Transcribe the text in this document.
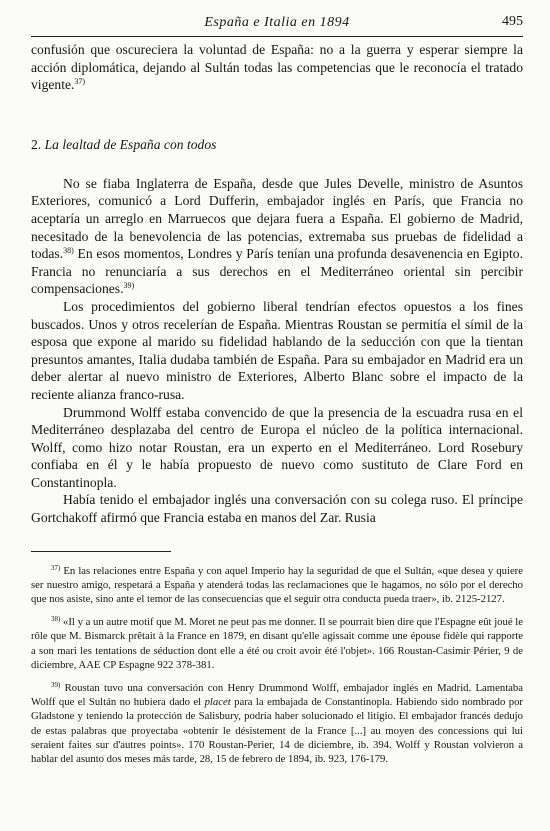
España e Italia en 1894	495

confusión que oscureciera la voluntad de España: no a la guerra y esperar siempre la acción diplomática, dejando al Sultán todas las competencias que le reconocía el tratado vigente.$^{37)}$

2. La lealtad de España con todos

No se fiaba Inglaterra de España, desde que Jules Develle, ministro de Asuntos Exteriores, comunicó a Lord Dufferin, embajador inglés en París, que Francia no aceptaría un arreglo en Marruecos que dejara fuera a España. El gobierno de Madrid, necesitado de la benevolencia de las potencias, extremaba sus pruebas de fidelidad a todas.$^{38)}$ En esos momentos, Londres y París tenían una profunda desavenencia en Egipto. Francia no renunciaría a sus derechos en el Mediterráneo oriental sin percibir compensaciones.$^{39)}$

Los procedimientos del gobierno liberal tendrían efectos opuestos a los fines buscados. Unos y otros recelerían de España. Mientras Roustan se permitía el símil de la esposa que expone al marido su fidelidad hablando de la seducción con que la tientan presuntos amantes, Italia dudaba también de España. Para su embajador en Madrid era un deber alertar al nuevo ministro de Exteriores, Alberto Blanc sobre el impacto de la reciente alianza franco-rusa.

Drummond Wolff estaba convencido de que la presencia de la escuadra rusa en el Mediterráneo desplazaba del centro de Europa el núcleo de la política internacional. Wolff, como hizo notar Roustan, era un experto en el Mediterráneo. Lord Rosebury confiaba en él y le había propuesto de nuevo como sustituto de Clare Ford en Constantinopla.

Había tenido el embajador inglés una conversación con su colega ruso. El príncipe Gortchakoff afirmó que Francia estaba en manos del Zar. Rusia

$^{37)}$ En las relaciones entre España y con aquel Imperio hay la seguridad de que el Sultán, «que desea y quiere ser nuestro amigo, respetará a España y atenderá todas las reclamaciones que le hagamos, no sólo por el derecho que nos asiste, sino ante el temor de las consecuencias que el seguir otra conducta pueda traer», ib. 2125-2127.

$^{38)}$ «Il y a un autre motif que M. Moret ne peut pas me donner. Il se pourrait bien dire que l'Espagne eût joué le rôle que M. Bismarck prêtait à la France en 1879, en disant qu'elle agissait comme une épouse fidèle qui rapporte a son mari les tentations de séduction dont elle a été ou croit avoir été l'objet». 166 Roustan-Casimir Périer, 9 de diciembre, AAE CP Espagne 922 378-381.

$^{39)}$ Roustan tuvo una conversación con Henry Drummond Wolff, embajador inglés en Madrid. Lamentaba Wolff que el Sultán no hubiera dado el placet para la embajada de Constantinopla. Habiendo sido nombrado por Gladstone y teniendo la protección de Salisbury, podría haber solucionado el litigio. El embajador francés dedujo de estas palabras que proyectaba «obtenir le désistement de la France [...] au moyen des concessions qui lui seraient faites sur d'autres points». 170 Roustan-Perier, 14 de diciembre, ib. 394. Wolff y Roustan volvieron a hablar del asunto dos meses más tarde, 28, 15 de febrero de 1894, ib. 923, 176-179.
